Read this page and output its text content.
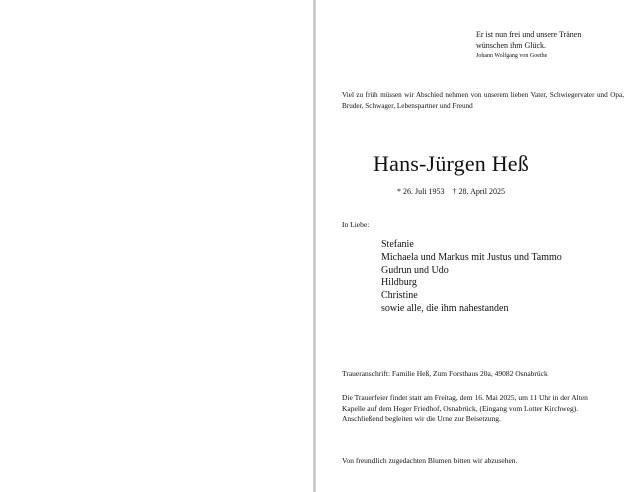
Er ist nun frei und unsere Tränen
wünschen ihm Glück.
Johann Wolfgang von Goethe
Viel zu früh müssen wir Abschied nehmen von unserem lieben Vater, Schwiegervater und Opa, Bruder, Schwager, Lebenspartner und Freund
Hans-Jürgen Heß
* 26. Juli 1953 † 28. April 2025
In Liebe:
Stefanie
Michaela und Markus mit Justus und Tammo
Gudrun und Udo
Hildburg
Christine
sowie alle, die ihm nahestanden
Traueranschrift: Familie Heß, Zum Forsthaus 20a, 49082 Osnabrück
Die Trauerfeier findet statt am Freitag, dem 16. Mai 2025, um 11 Uhr in der Alten Kapelle auf dem Heger Friedhof, Osnabrück, (Eingang vom Lotter Kirchweg).
Anschließend begleiten wir die Urne zur Beisetzung.
Von freundlich zugedachten Blumen bitten wir abzusehen.
